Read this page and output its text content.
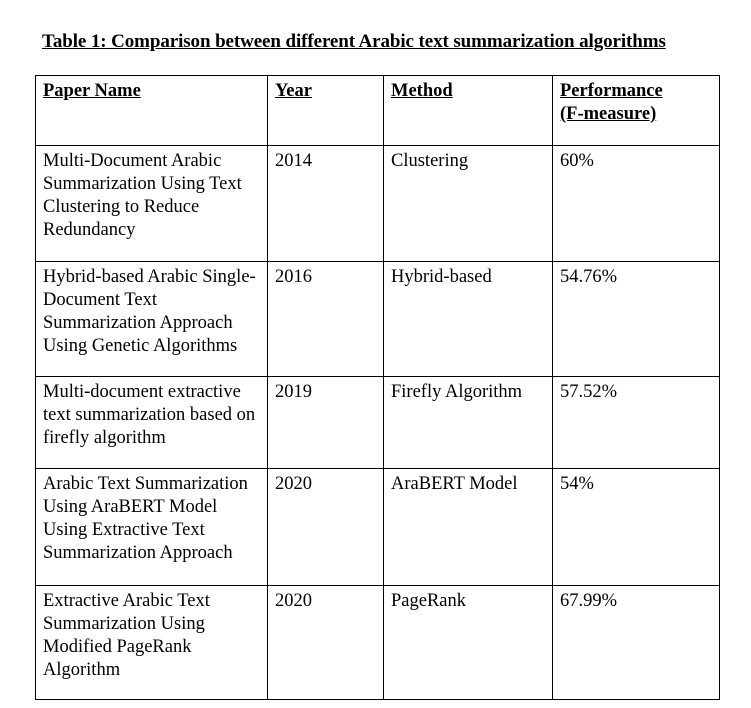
Table 1: Comparison between different Arabic text summarization algorithms
Paper Name	Year	Method	Performance
(F-measure)
Multi-Document Arabic Summarization Using Text Clustering to Reduce Redundancy	2014	Clustering	60%
Hybrid-based Arabic Single-Document Text Summarization Approach Using Genetic Algorithms	2016	Hybrid-based	54.76%
Multi-document extractive text summarization based on firefly algorithm	2019	Firefly Algorithm	57.52%
Arabic Text Summarization Using AraBERT Model Using Extractive Text Summarization Approach	2020	AraBERT Model	54%
Extractive Arabic Text Summarization Using Modified PageRank Algorithm	2020	PageRank	67.99%
